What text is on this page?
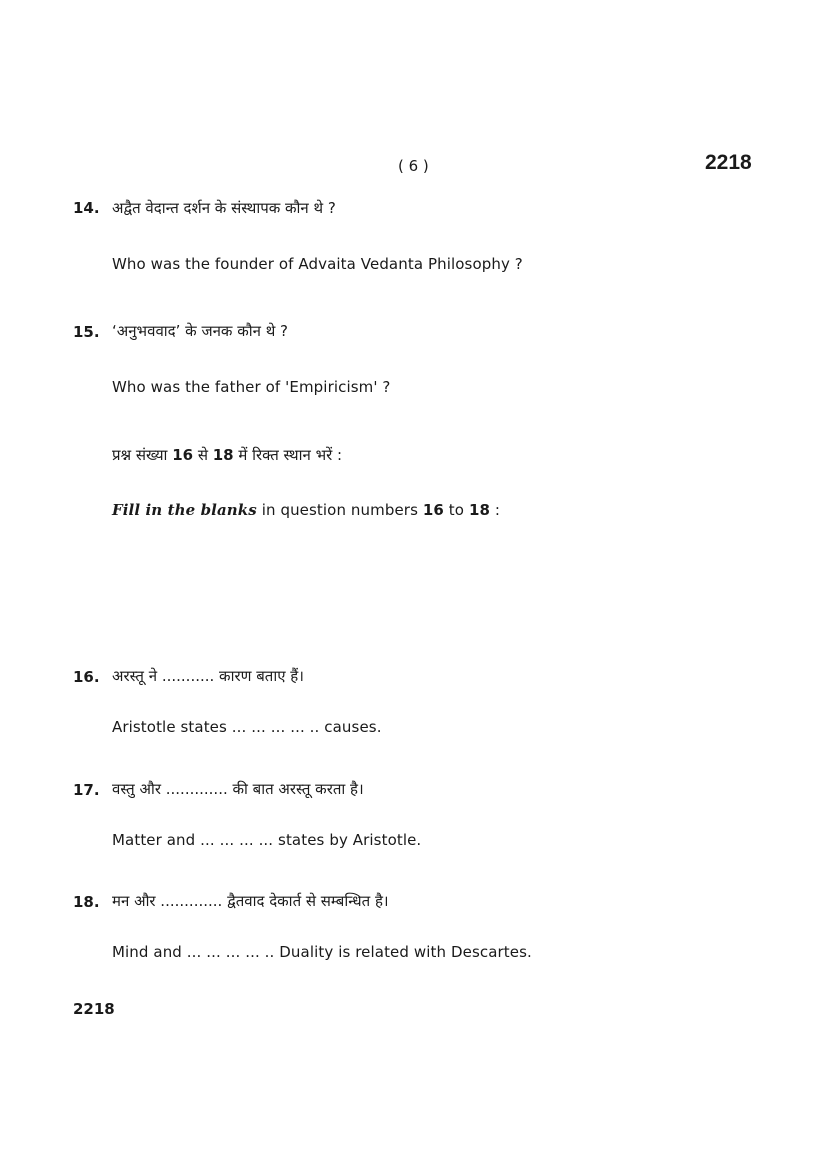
( 6 )	2218
14. अद्वैत वेदान्त दर्शन के संस्थापक कौन थे ?
Who was the founder of Advaita Vedanta Philosophy ?
15. ‘अनुभववाद’ के जनक कौन थे ?
Who was the father of 'Empiricism' ?
प्रश्न संख्या 16 से 18 में रिक्त स्थान भरें :
Fill in the blanks in question numbers 16 to 18 :
16. अरस्तू ने ........... कारण बताए हैं।
Aristotle states ... ... ... ... .. causes.
17. वस्तु और ............. की बात अरस्तू करता है।
Matter and ... ... ... ... states by Aristotle.
18. मन और ............. द्वैतवाद देकार्त से सम्बन्धित है।
Mind and ... ... ... ... .. Duality is related with Descartes.
2218
